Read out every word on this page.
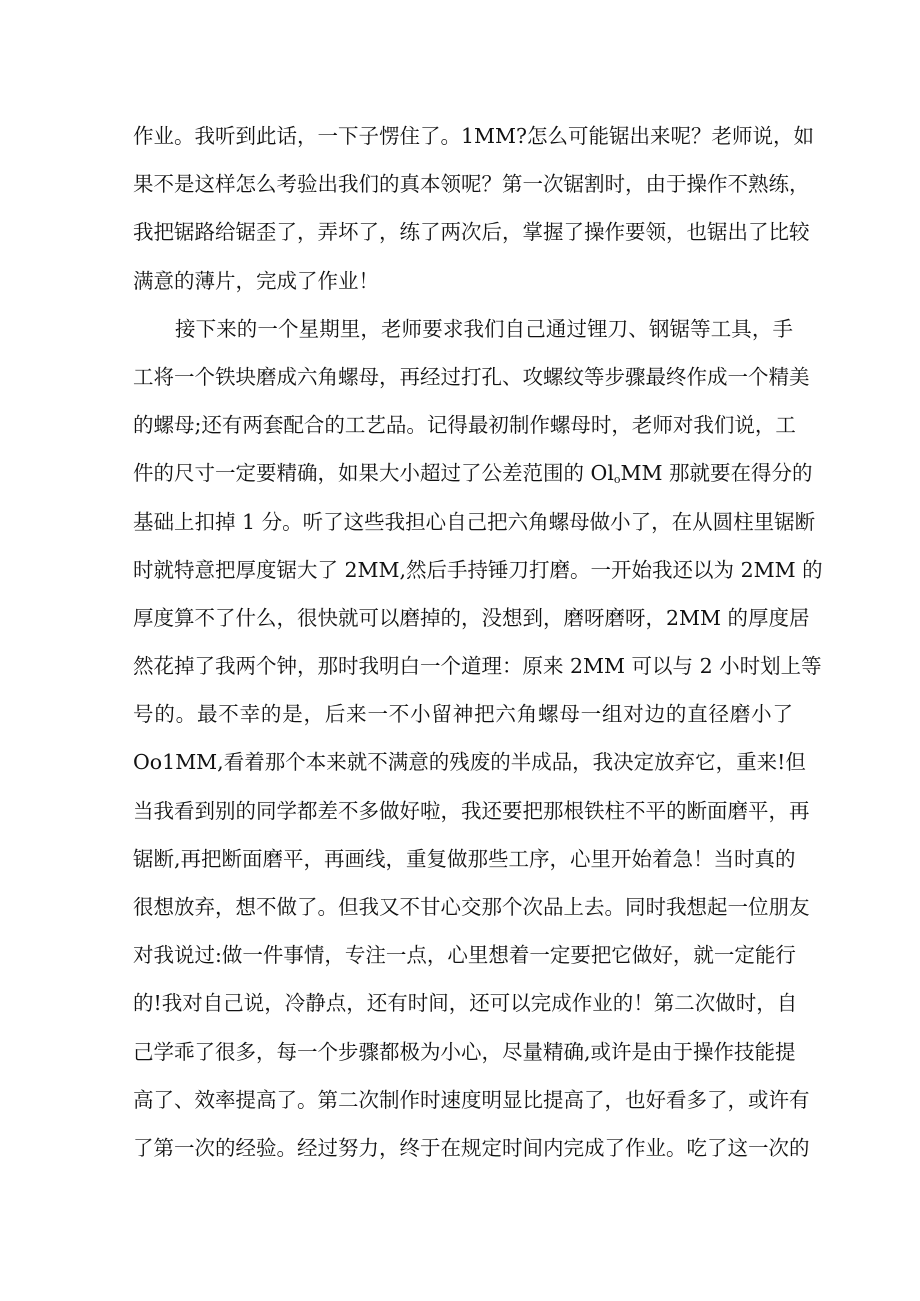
作业。我听到此话，一下子愣住了。1MM?怎么可能锯出来呢？老师说，如
果不是这样怎么考验出我们的真本领呢？第一次锯割时，由于操作不熟练，
我把锯路给锯歪了，弄坏了，练了两次后，掌握了操作要领，也锯出了比较
满意的薄片，完成了作业！
接下来的一个星期里，老师要求我们自己通过锂刀、钢锯等工具，手
工将一个铁块磨成六角螺母，再经过打孔、攻螺纹等步骤最终作成一个精美
的螺母;还有两套配合的工艺品。记得最初制作螺母时，老师对我们说，工
件的尺寸一定要精确，如果大小超过了公差范围的 $Ol_oMM$ 那就要在得分的
基础上扣掉 1 分。听了这些我担心自己把六角螺母做小了，在从圆柱里锯断
时就特意把厚度锯大了 2MM,然后手持锤刀打磨。一开始我还以为 2MM 的
厚度算不了什么，很快就可以磨掉的，没想到，磨呀磨呀，2MM 的厚度居
然花掉了我两个钟，那时我明白一个道理：原来 2MM 可以与 2 小时划上等
号的。最不幸的是，后来一不小留神把六角螺母一组对边的直径磨小了
Oo1MM,看着那个本来就不满意的残废的半成品，我决定放弃它，重来!但
当我看到别的同学都差不多做好啦，我还要把那根铁柱不平的断面磨平，再
锯断,再把断面磨平，再画线，重复做那些工序，心里开始着急！当时真的
很想放弃，想不做了。但我又不甘心交那个次品上去。同时我想起一位朋友
对我说过:做一件事情，专注一点，心里想着一定要把它做好，就一定能行
的!我对自己说，冷静点，还有时间，还可以完成作业的！第二次做时，自
己学乖了很多，每一个步骤都极为小心，尽量精确,或许是由于操作技能提
高了、效率提高了。第二次制作时速度明显比提高了，也好看多了，或许有
了第一次的经验。经过努力，终于在规定时间内完成了作业。吃了这一次的
